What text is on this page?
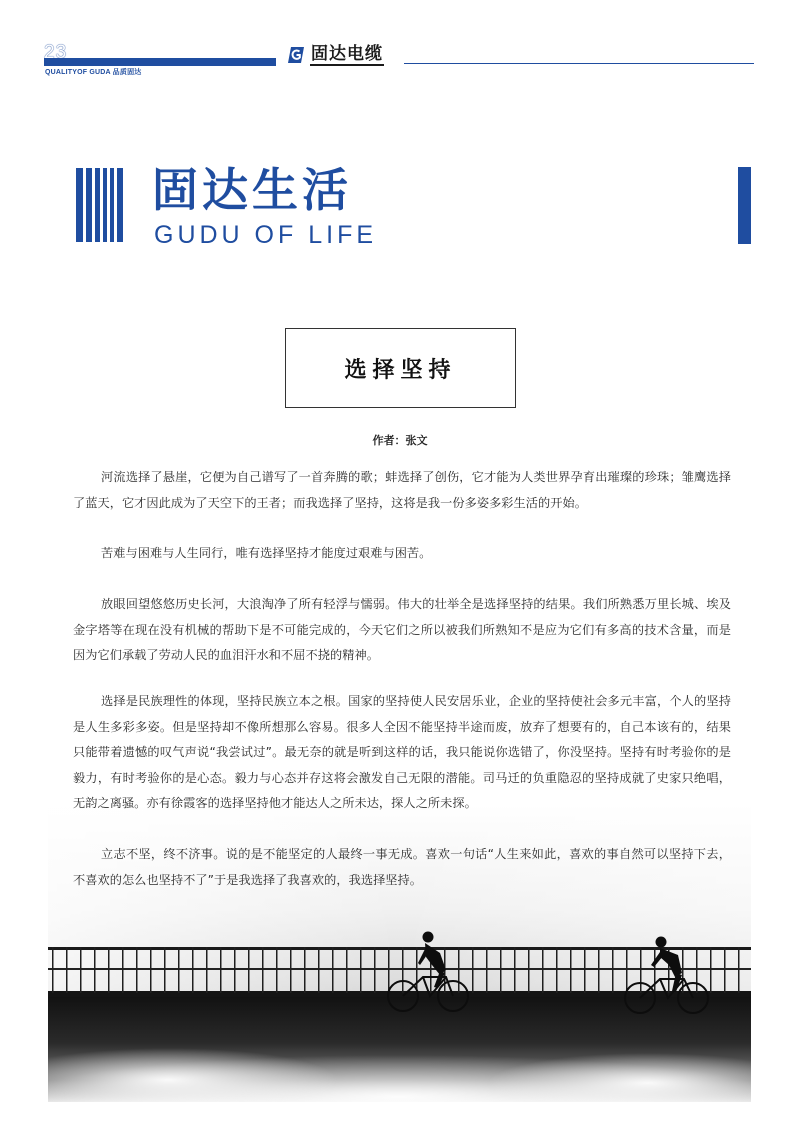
23
QUALITYOF GUDA 品质固达
固达电缆
固达生活
GUDU OF LIFE
选择坚持
作者：张文

河流选择了悬崖，它便为自己谱写了一首奔腾的歌；蚌选择了创伤，它才能为人类世界孕育出璀璨的珍珠；雏鹰选择了蓝天，它才因此成为了天空下的王者；而我选择了坚持，这将是我一份多姿多彩生活的开始。

苦难与困难与人生同行，唯有选择坚持才能度过艰难与困苦。

放眼回望悠悠历史长河，大浪淘净了所有轻浮与懦弱。伟大的壮举全是选择坚持的结果。我们所熟悉万里长城、埃及金字塔等在现在没有机械的帮助下是不可能完成的，今天它们之所以被我们所熟知不是应为它们有多高的技术含量，而是因为它们承载了劳动人民的血泪汗水和不屈不挠的精神。

选择是民族理性的体现，坚持民族立本之根。国家的坚持使人民安居乐业，企业的坚持使社会多元丰富，个人的坚持是人生多彩多姿。但是坚持却不像所想那么容易。很多人全因不能坚持半途而废，放弃了想要有的，自己本该有的，结果只能带着遗憾的叹气声说“我尝试过”。最无奈的就是听到这样的话，我只能说你选错了，你没坚持。坚持有时考验你的是毅力，有时考验你的是心态。毅力与心态并存这将会激发自己无限的潜能。司马迁的负重隐忍的坚持成就了史家只绝唱，无韵之离骚。亦有徐霞客的选择坚持他才能达人之所未达，探人之所未探。

立志不坚，终不济事。说的是不能坚定的人最终一事无成。喜欢一句话“人生来如此，喜欢的事自然可以坚持下去，不喜欢的怎么也坚持不了”于是我选择了我喜欢的，我选择坚持。
